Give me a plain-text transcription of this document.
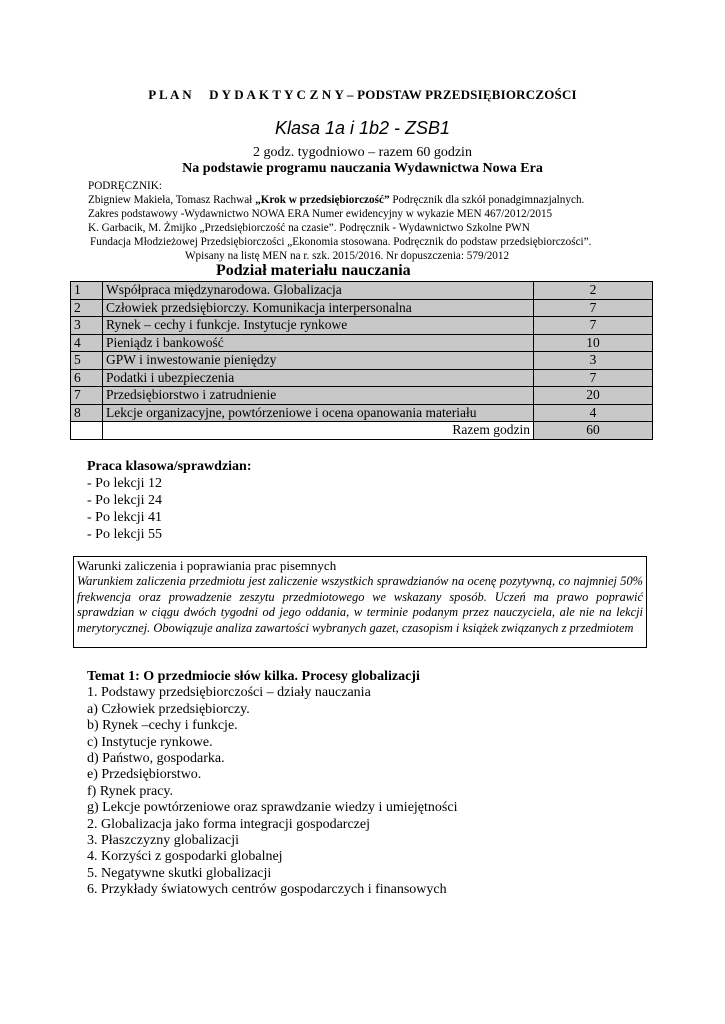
P L A N     D Y D A K T Y C Z N Y – PODSTAW PRZEDSIĘBIORCZOŚCI
Klasa 1a i 1b2 - ZSB1
2 godz. tygodniowo – razem 60 godzin
Na podstawie programu nauczania Wydawnictwa Nowa Era
PODRĘCZNIK:
Zbigniew Makieła, Tomasz Rachwał „Krok w przedsiębiorczość” Podręcznik dla szkół ponadgimnazjalnych.
Zakres podstawowy -Wydawnictwo NOWA ERA Numer ewidencyjny w wykazie MEN 467/2012/2015
K. Garbacik, M. Żmijko „Przedsiębiorczość na czasie”. Podręcznik - Wydawnictwo Szkolne PWN
Fundacja Młodzieżowej Przedsiębiorczości „Ekonomia stosowana. Podręcznik do podstaw przedsiębiorczości”.
Wpisany na listę MEN na r. szk. 2015/2016. Nr dopuszczenia: 579/2012
Podział materiału nauczania
1	Współpraca międzynarodowa. Globalizacja	2
2	Człowiek przedsiębiorczy. Komunikacja interpersonalna	7
3	Rynek – cechy i funkcje. Instytucje rynkowe	7
4	Pieniądz i bankowość	10
5	GPW i inwestowanie pieniędzy	3
6	Podatki i ubezpieczenia	7
7	Przedsiębiorstwo i zatrudnienie	20
8	Lekcje organizacyjne, powtórzeniowe i ocena opanowania materiału	4
	Razem godzin	60
Praca klasowa/sprawdzian:
- Po lekcji 12
- Po lekcji 24
- Po lekcji 41
- Po lekcji 55
Warunki zaliczenia i poprawiania prac pisemnych
Warunkiem zaliczenia przedmiotu jest zaliczenie wszystkich sprawdzianów na ocenę pozytywną, co najmniej 50% frekwencja oraz prowadzenie zeszytu przedmiotowego we wskazany sposób. Uczeń ma prawo poprawić sprawdzian w ciągu dwóch tygodni od jego oddania, w terminie podanym przez nauczyciela, ale nie na lekcji merytorycznej. Obowiązuje analiza zawartości wybranych gazet, czasopism i książek związanych z przedmiotem
Temat 1: O przedmiocie słów kilka. Procesy globalizacji
1. Podstawy przedsiębiorczości – działy nauczania
a) Człowiek przedsiębiorczy.
b) Rynek –cechy i funkcje.
c) Instytucje rynkowe.
d) Państwo, gospodarka.
e) Przedsiębiorstwo.
f) Rynek pracy.
g) Lekcje powtórzeniowe oraz sprawdzanie wiedzy i umiejętności
2. Globalizacja jako forma integracji gospodarczej
3. Płaszczyzny globalizacji
4. Korzyści z gospodarki globalnej
5. Negatywne skutki globalizacji
6. Przykłady światowych centrów gospodarczych i finansowych
